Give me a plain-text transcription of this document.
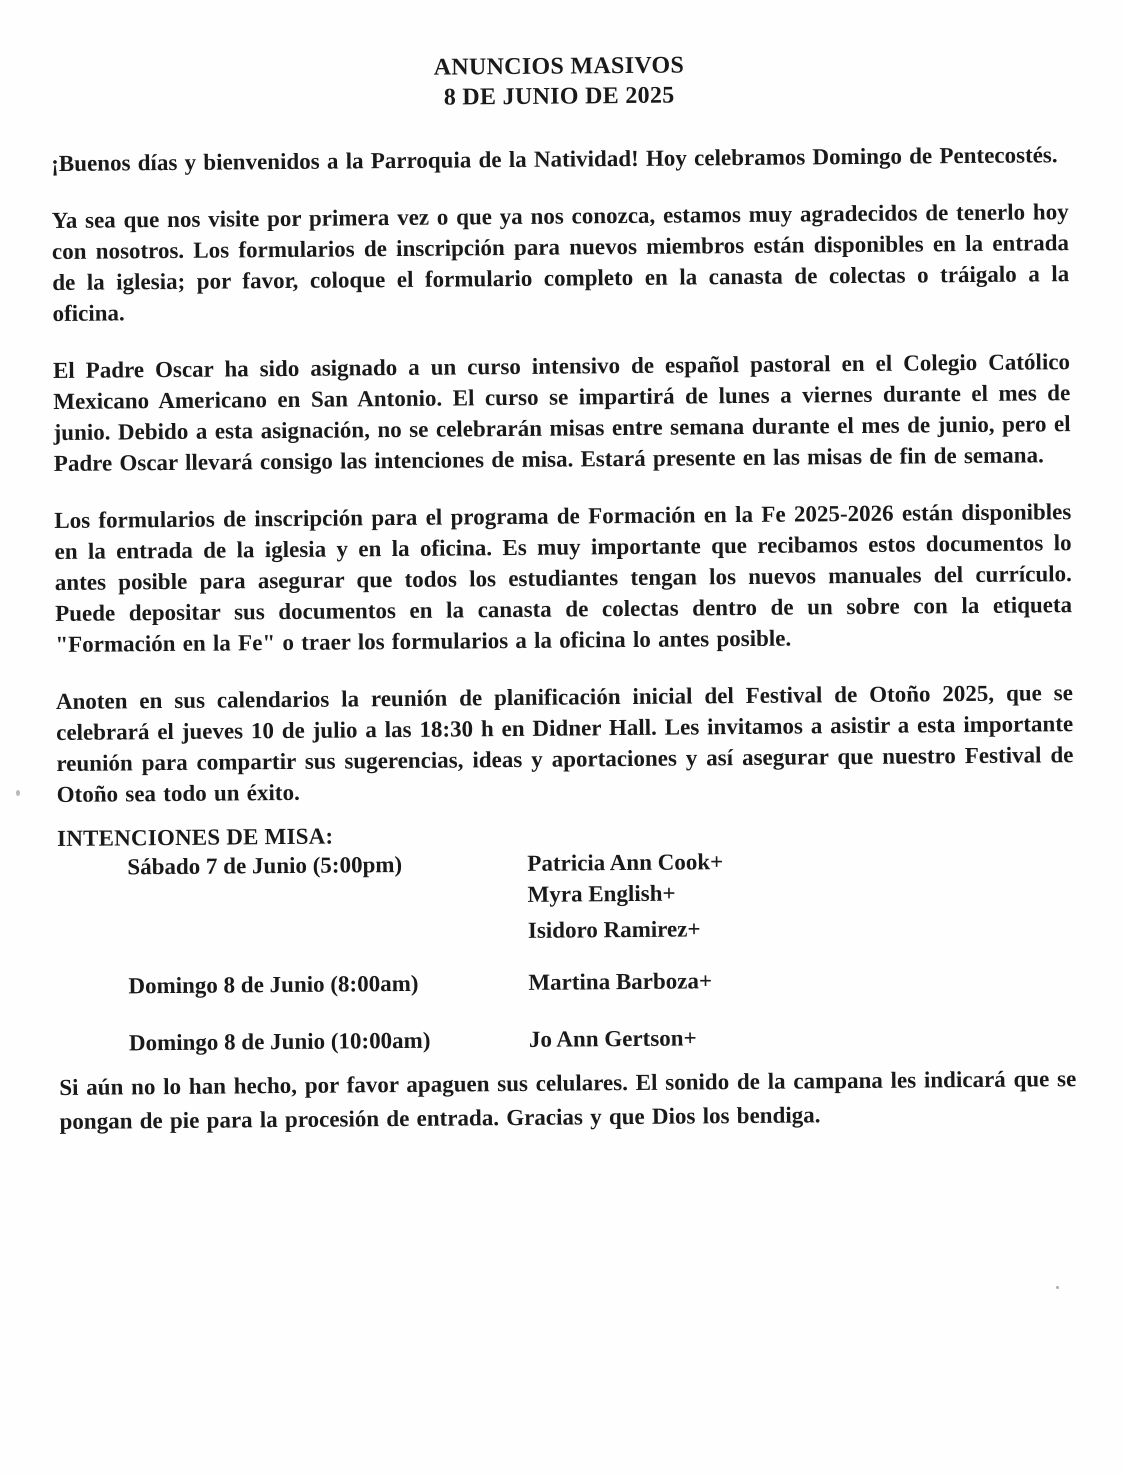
ANUNCIOS MASIVOS
8 DE JUNIO DE 2025

¡Buenos días y bienvenidos a la Parroquia de la Natividad! Hoy celebramos Domingo de Pentecostés.

Ya sea que nos visite por primera vez o que ya nos conozca, estamos muy agradecidos de tenerlo hoy con nosotros. Los formularios de inscripción para nuevos miembros están disponibles en la entrada de la iglesia; por favor, coloque el formulario completo en la canasta de colectas o tráigalo a la oficina.

El Padre Oscar ha sido asignado a un curso intensivo de español pastoral en el Colegio Católico Mexicano Americano en San Antonio. El curso se impartirá de lunes a viernes durante el mes de junio. Debido a esta asignación, no se celebrarán misas entre semana durante el mes de junio, pero el Padre Oscar llevará consigo las intenciones de misa. Estará presente en las misas de fin de semana.

Los formularios de inscripción para el programa de Formación en la Fe 2025-2026 están disponibles en la entrada de la iglesia y en la oficina. Es muy importante que recibamos estos documentos lo antes posible para asegurar que todos los estudiantes tengan los nuevos manuales del currículo. Puede depositar sus documentos en la canasta de colectas dentro de un sobre con la etiqueta "Formación en la Fe" o traer los formularios a la oficina lo antes posible.

Anoten en sus calendarios la reunión de planificación inicial del Festival de Otoño 2025, que se celebrará el jueves 10 de julio a las 18:30 h en Didner Hall. Les invitamos a asistir a esta importante reunión para compartir sus sugerencias, ideas y aportaciones y así asegurar que nuestro Festival de Otoño sea todo un éxito.

INTENCIONES DE MISA:
Sábado 7 de Junio (5:00pm)	Patricia Ann Cook+
Myra English+
Isidoro Ramirez+
Domingo 8 de Junio (8:00am)	Martina Barboza+
Domingo 8 de Junio (10:00am)	Jo Ann Gertson+

Si aún no lo han hecho, por favor apaguen sus celulares. El sonido de la campana les indicará que se pongan de pie para la procesión de entrada. Gracias y que Dios los bendiga.
